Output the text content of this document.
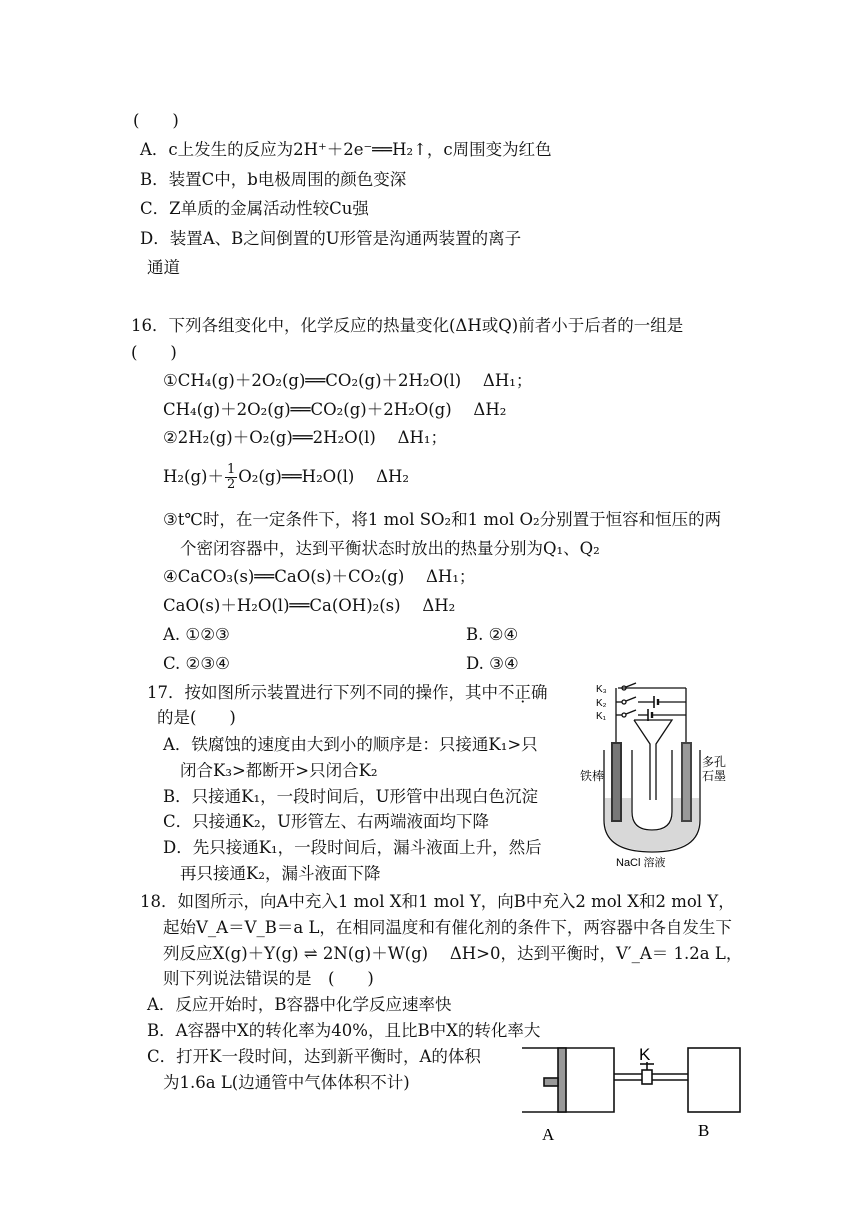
(　　)
A．c上发生的反应为2H⁺＋2e⁻══H₂↑，c周围变为红色
B．装置C中，b电极周围的颜色变深
C．Z单质的金属活动性较Cu强
D．装置A、B之间倒置的U形管是沟通两装置的离子
通道
16．下列各组变化中，化学反应的热量变化(ΔH或Q)前者小于后者的一组是
(　　)
①CH₄(g)＋2O₂(g)══CO₂(g)＋2H₂O(l)　 ΔH₁；
CH₄(g)＋2O₂(g)══CO₂(g)＋2H₂O(g)　 ΔH₂
②2H₂(g)＋O₂(g)══2H₂O(l)　 ΔH₁；
$H_2(g)+ \frac{1}{2}$ O₂(g)══H₂O(l)　 ΔH₂
③t℃时，在一定条件下，将1 mol SO₂和1 mol O₂分别置于恒容和恒压的两
个密闭容器中，达到平衡状态时放出的热量分别为Q₁、Q₂
④CaCO₃(s)══CaO(s)＋CO₂(g)　 ΔH₁；
CaO(s)＋H₂O(l)══Ca(OH)₂(s)　 ΔH₂
A. ①②③	B. ②④
C. ②③④	D. ③④
17．按如图所示装置进行下列不同的操作，其中不正确
的是(　　)
A．铁腐蚀的速度由大到小的顺序是：只接通K₁>只
闭合K₃>都断开>只闭合K₂
B．只接通K₁，一段时间后，U形管中出现白色沉淀
C．只接通K₂，U形管左、右两端液面均下降
D．先只接通K₁，一段时间后，漏斗液面上升，然后
再只接通K₂，漏斗液面下降
K₃
K₂
K₁
铁棒
多孔
石墨
NaCl 溶液
18．如图所示，向A中充入1 mol X和1 mol Y，向B中充入2 mol X和2 mol Y，
起始V_A＝V_B＝a L，在相同温度和有催化剂的条件下，两容器中各自发生下
列反应X(g)＋Y(g) ⇌ 2N(g)＋W(g)　 ΔH>0，达到平衡时，V′_A＝ 1.2a L，
则下列说法错误的是　(　　)
A．反应开始时，B容器中化学反应速率快
B．A容器中X的转化率为40%，且比B中X的转化率大
C．打开K一段时间，达到新平衡时，A的体积
为1.6a L(边通管中气体体积不计)
K
A	B
